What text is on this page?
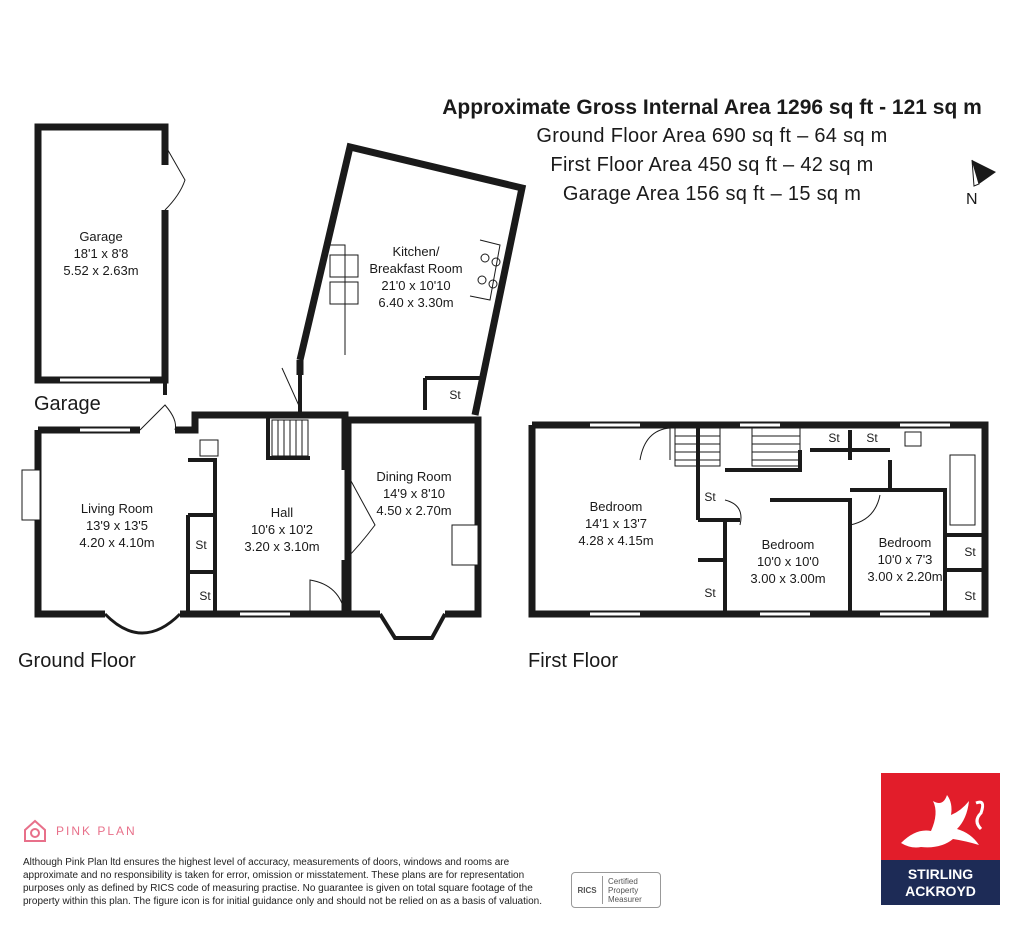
Approximate Gross Internal Area 1296 sq ft - 121 sq m
Ground Floor Area 690 sq ft – 64 sq m
First Floor Area 450 sq ft – 42 sq m
Garage Area 156 sq ft – 15 sq m	N
Garage
Ground Floor	First Floor
Garage
18'1 x 8'8
5.52 x 2.63m
Kitchen/
Breakfast Room
21'0 x 10'10
6.40 x 3.30m
Living Room
13'9 x 13'5
4.20 x 4.10m
Hall
10'6 x 10'2
3.20 x 3.10m
Dining Room
14'9 x 8'10
4.50 x 2.70m	Bedroom
14'1 x 13'7
4.28 x 4.15m	Bedroom
10'0 x 10'0
3.00 x 3.00m
Bedroom
10'0 x 7'3
3.00 x 2.20m
St
St
St
St
St
St St
St
St
PINK PLAN
Although Pink Plan ltd ensures the highest level of accuracy, measurements of doors, windows and rooms are approximate and no responsibility is taken for error, omission or misstatement. These plans are for representation purposes only as defined by RICS code of measuring practise. No guarantee is given on total square footage of the property within this plan. The figure icon is for initial guidance only and should not be relied on as a basis of valuation.
RICS
Certified
Property
Measurer
STIRLING
ACKROYD
